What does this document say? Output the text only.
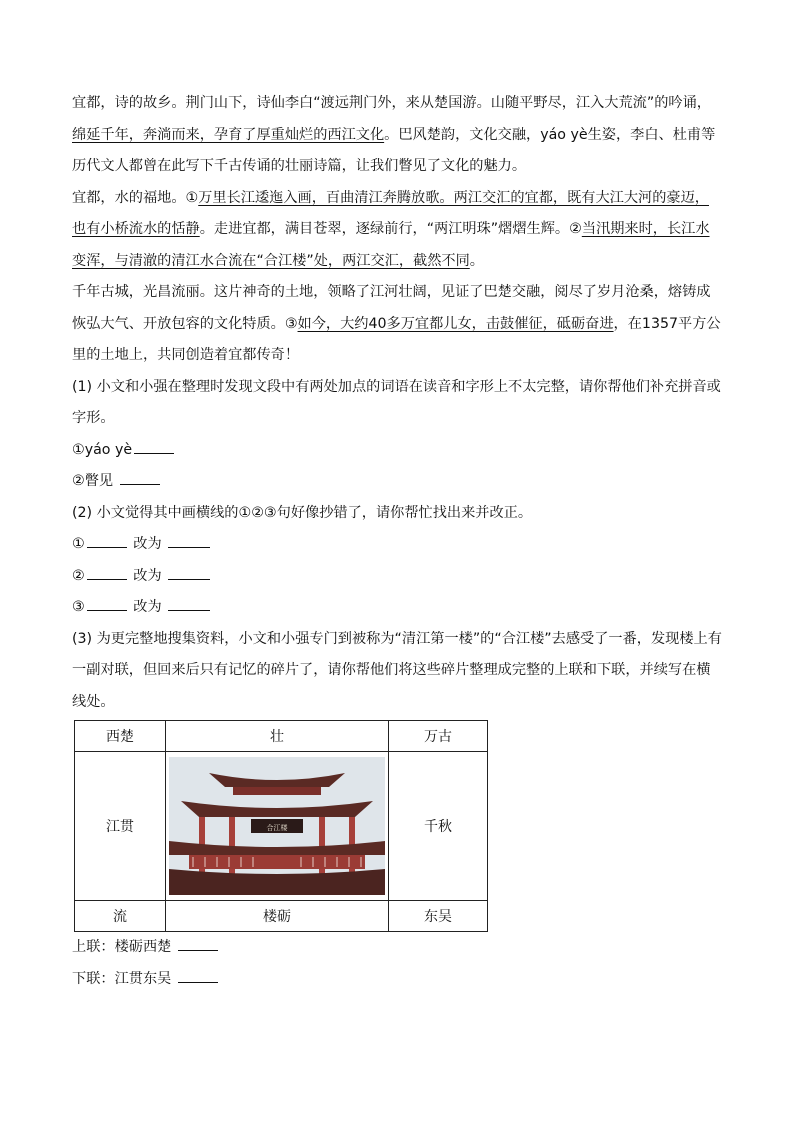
宜都，诗的故乡。荆门山下，诗仙李白“渡远荆门外，来从楚国游。山随平野尽，江入大荒流”的吟诵，绵延千年，奔淌而来，孕育了厚重灿烂的西江文化。巴风楚韵，文化交融，yáo yè生姿，李白、杜甫等历代文人都曾在此写下千古传诵的壮丽诗篇，让我们瞥见了文化的魅力。

宜都，水的福地。①万里长江逶迤入画，百曲清江奔腾放歌。两江交汇的宜都，既有大江大河的豪迈，也有小桥流水的恬静。走进宜都，满目苍翠，逐绿前行，“两江明珠”熠熠生辉。②当汛期来时，长江水变浑，与清澈的清江水合流在“合江楼”处，两江交汇，截然不同。

千年古城，光昌流丽。这片神奇的土地，领略了江河壮阔，见证了巴楚交融，阅尽了岁月沧桑，熔铸成恢弘大气、开放包容的文化特质。③如今，大约40多万宜都儿女，击鼓催征，砥砺奋进，在1357平方公里的土地上，共同创造着宜都传奇！

(1) 小文和小强在整理时发现文段中有两处加点的词语在读音和字形上不太完整，请你帮他们补充拼音或字形。

①yáo yè

②瞥见

(2) 小文觉得其中画横线的①②③句好像抄错了，请你帮忙找出来并改正。

①	改为

②	改为

③	改为

(3) 为更完整地搜集资料，小文和小强专门到被称为“清江第一楼”的“合江楼”去感受了一番，发现楼上有一副对联，但回来后只有记忆的碎片了，请你帮他们将这些碎片整理成完整的上联和下联，并续写在横线处。

西楚	壮	万古
江贯	合江楼	千秋
流	楼砺	东吴

上联：楼砺西楚

下联：江贯东吴
